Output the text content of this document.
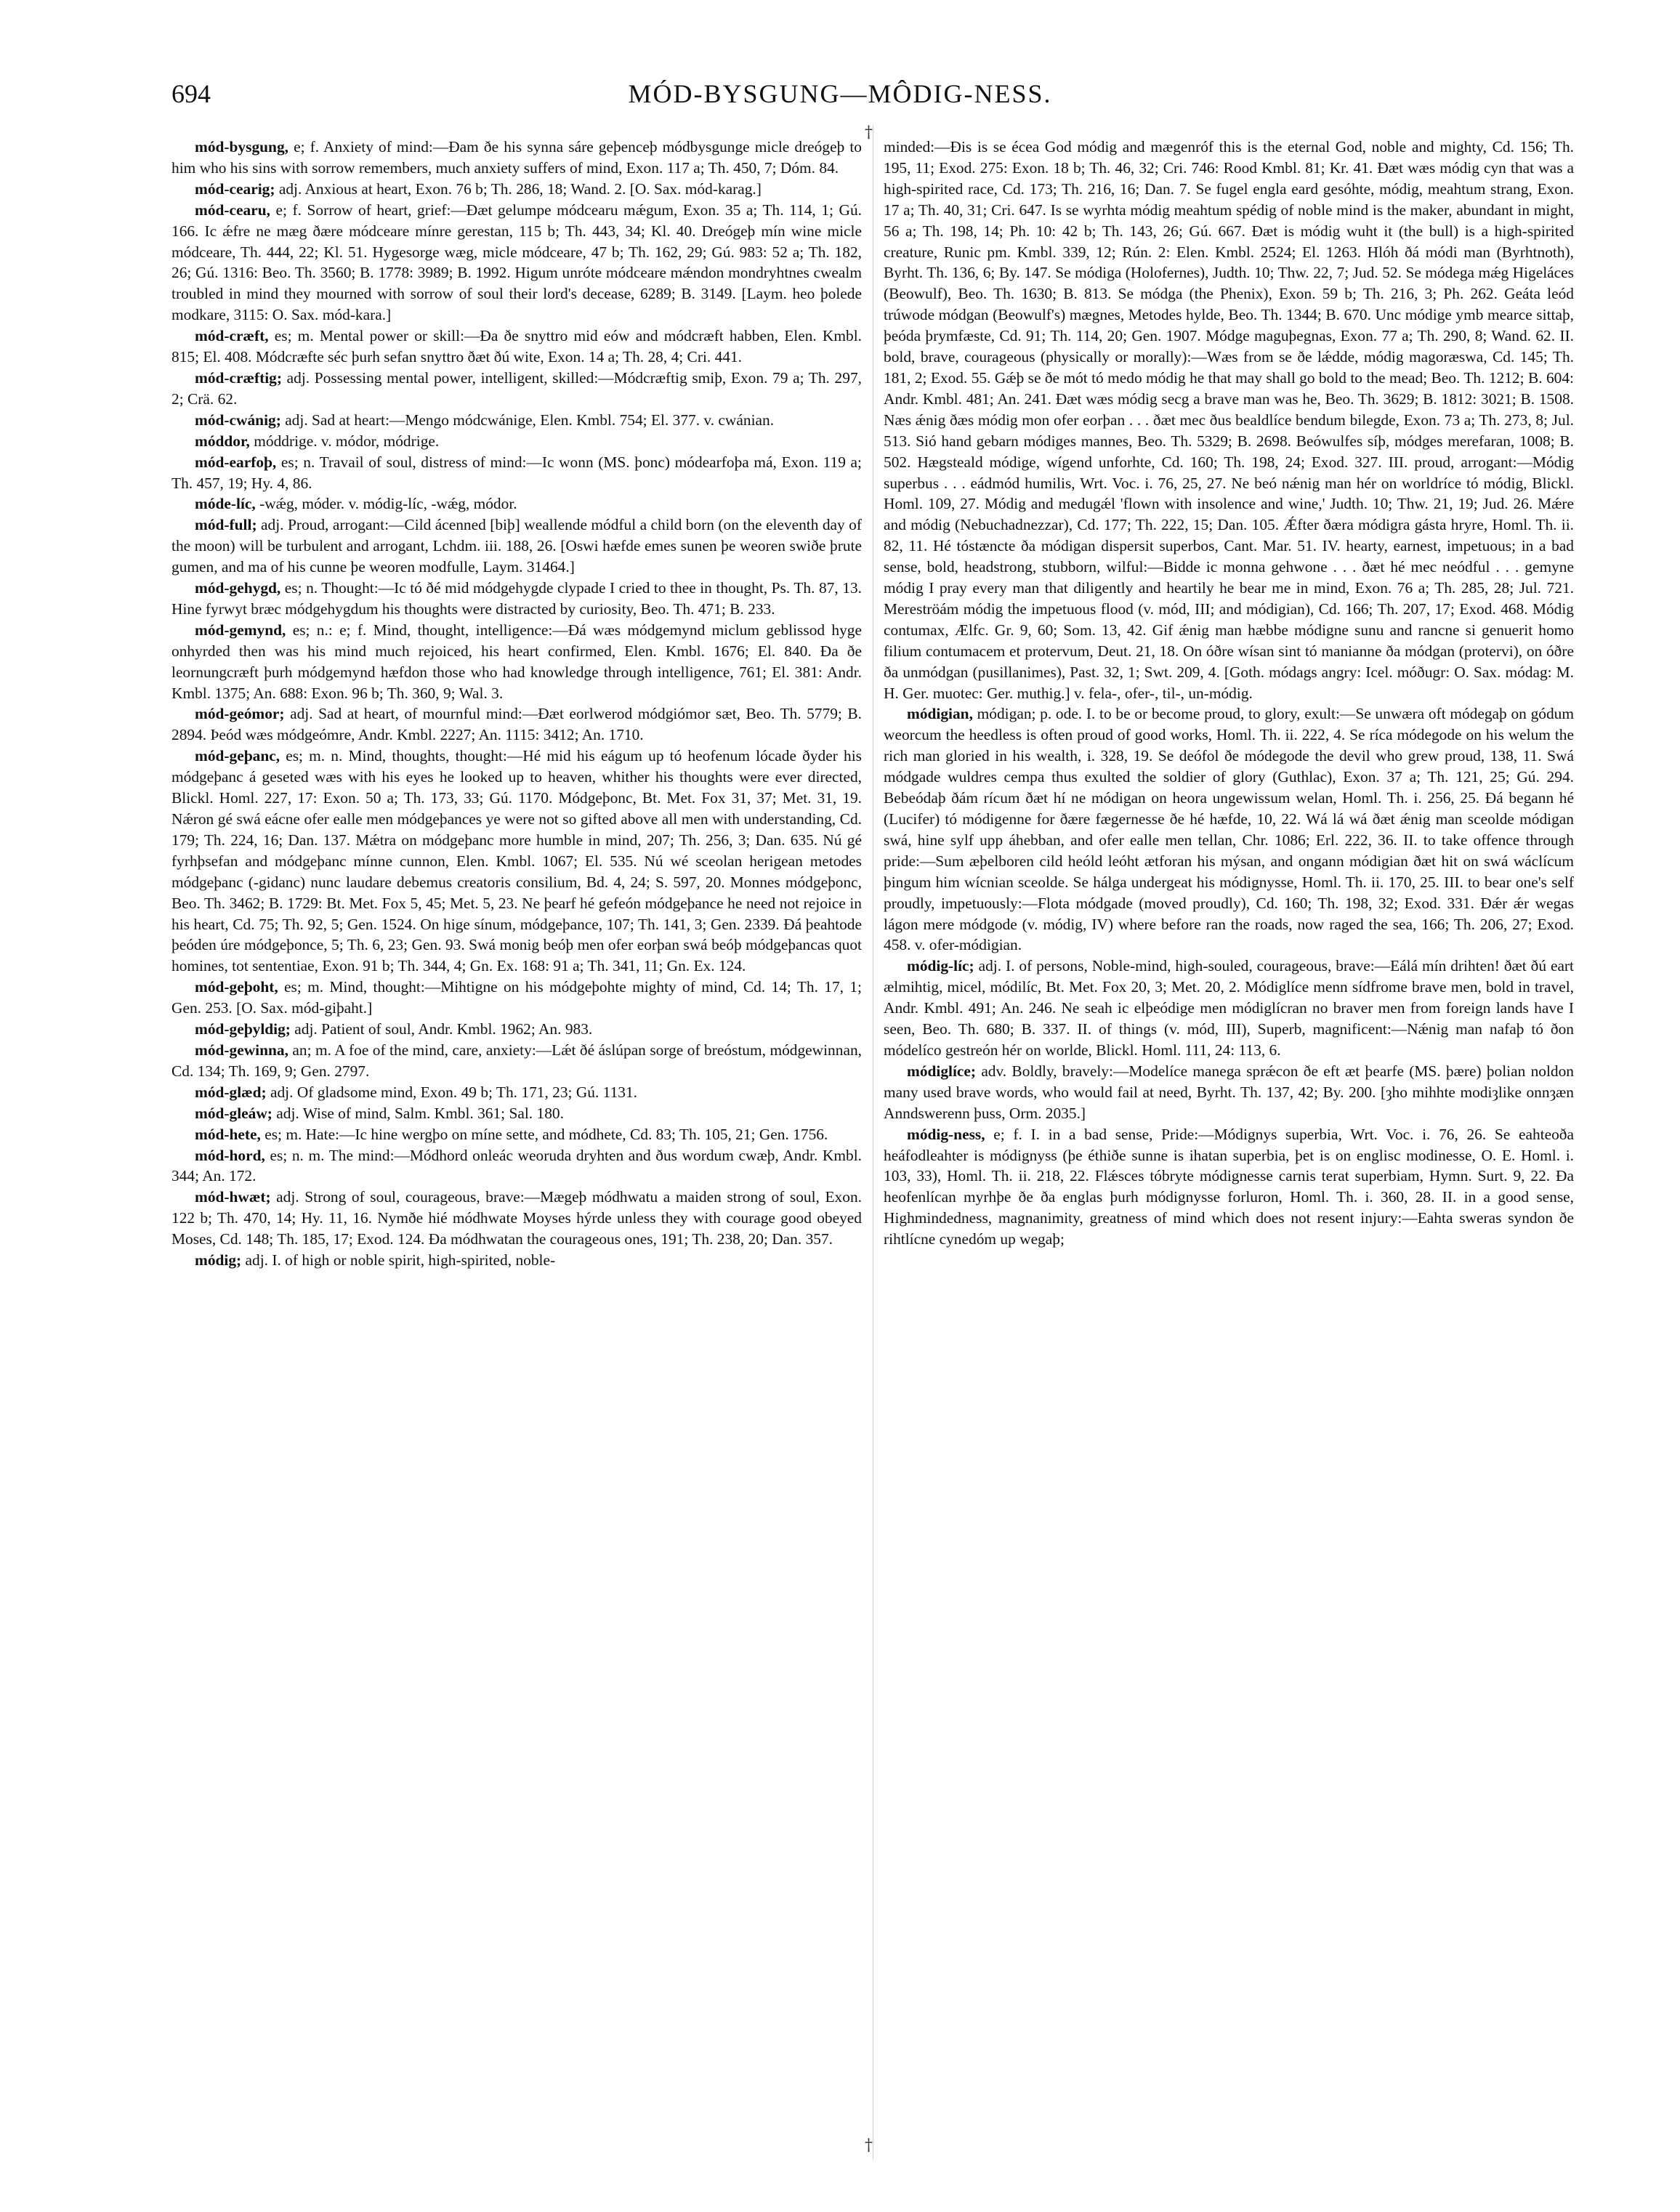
694	MÓD-BYSGUNG—MÔDIG-NESS.
†
†

mód-bysgung, e; f. Anxiety of mind:—Ðam ðe his synna sáre geþenceþ módbysgunge micle dreógeþ to him who his sins with sorrow remembers, much anxiety suffers of mind, Exon. 117 a; Th. 450, 7; Dóm. 84.

mód-cearig; adj. Anxious at heart, Exon. 76 b; Th. 286, 18; Wand. 2. [O. Sax. mód-karag.]

mód-cearu, e; f. Sorrow of heart, grief:—Ðæt gelumpe módcearu mǽgum, Exon. 35 a; Th. 114, 1; Gú. 166. Ic ǽfre ne mæg ðære módceare mínre gerestan, 115 b; Th. 443, 34; Kl. 40. Dreógeþ mín wine micle módceare, Th. 444, 22; Kl. 51. Hygesorge wæg, micle módceare, 47 b; Th. 162, 29; Gú. 983: 52 a; Th. 182, 26; Gú. 1316: Beo. Th. 3560; B. 1778: 3989; B. 1992. Higum unróte módceare mǽndon mondryhtnes cwealm troubled in mind they mourned with sorrow of soul their lord's decease, 6289; B. 3149. [Laym. heo þolede modkare, 3115: O. Sax. mód-kara.]

mód-cræft, es; m. Mental power or skill:—Ða ðe snyttro mid eów and módcræft habben, Elen. Kmbl. 815; El. 408. Módcræfte séc þurh sefan snyttro ðæt ðú wite, Exon. 14 a; Th. 28, 4; Cri. 441.

mód-cræftig; adj. Possessing mental power, intelligent, skilled:—Módcræftig smiþ, Exon. 79 a; Th. 297, 2; Crä. 62.

mód-cwánig; adj. Sad at heart:—Mengo módcwánige, Elen. Kmbl. 754; El. 377. v. cwánian.

móddor, móddrige. v. módor, módrige.

mód-earfoþ, es; n. Travail of soul, distress of mind:—Ic wonn (MS. þonc) módearfoþa má, Exon. 119 a; Th. 457, 19; Hy. 4, 86.

móde-líc, -wǽg, móder. v. módig-líc, -wǽg, módor.

mód-full; adj. Proud, arrogant:—Cild ácenned [biþ] weallende módful a child born (on the eleventh day of the moon) will be turbulent and arrogant, Lchdm. iii. 188, 26. [Oswi hæfde emes sunen þe weoren swiðe þrute gumen, and ma of his cunne þe weoren modfulle, Laym. 31464.]

mód-gehygd, es; n. Thought:—Ic tó ðé mid módgehygde clypade I cried to thee in thought, Ps. Th. 87, 13. Hine fyrwyt bræc módgehygdum his thoughts were distracted by curiosity, Beo. Th. 471; B. 233.

mód-gemynd, es; n.: e; f. Mind, thought, intelligence:—Ðá wæs módgemynd miclum geblissod hyge onhyrded then was his mind much rejoiced, his heart confirmed, Elen. Kmbl. 1676; El. 840. Ða ðe leornungcræft þurh módgemynd hæfdon those who had knowledge through intelligence, 761; El. 381: Andr. Kmbl. 1375; An. 688: Exon. 96 b; Th. 360, 9; Wal. 3.

mód-geómor; adj. Sad at heart, of mournful mind:—Ðæt eorlwerod módgiómor sæt, Beo. Th. 5779; B. 2894. Þeód wæs módgeómre, Andr. Kmbl. 2227; An. 1115: 3412; An. 1710.

mód-geþanc, es; m. n. Mind, thoughts, thought:—Hé mid his eágum up tó heofenum lócade ðyder his módgeþanc á geseted wæs with his eyes he looked up to heaven, whither his thoughts were ever directed, Blickl. Homl. 227, 17: Exon. 50 a; Th. 173, 33; Gú. 1170. Módgeþonc, Bt. Met. Fox 31, 37; Met. 31, 19. Nǽron gé swá eácne ofer ealle men módgeþances ye were not so gifted above all men with understanding, Cd. 179; Th. 224, 16; Dan. 137. Mǽtra on módgeþanc more humble in mind, 207; Th. 256, 3; Dan. 635. Nú gé fyrhþsefan and módgeþanc mínne cunnon, Elen. Kmbl. 1067; El. 535. Nú wé sceolan herigean metodes módgeþanc (-gidanc) nunc laudare debemus creatoris consilium, Bd. 4, 24; S. 597, 20. Monnes módgeþonc, Beo. Th. 3462; B. 1729: Bt. Met. Fox 5, 45; Met. 5, 23. Ne þearf hé gefeón módgeþance he need not rejoice in his heart, Cd. 75; Th. 92, 5; Gen. 1524. On hige sínum, módgeþance, 107; Th. 141, 3; Gen. 2339. Ðá þeahtode þeóden úre módgeþonce, 5; Th. 6, 23; Gen. 93. Swá monig beóþ men ofer eorþan swá beóþ módgeþancas quot homines, tot sententiae, Exon. 91 b; Th. 344, 4; Gn. Ex. 168: 91 a; Th. 341, 11; Gn. Ex. 124.

mód-geþoht, es; m. Mind, thought:—Mihtigne on his módgeþohte mighty of mind, Cd. 14; Th. 17, 1; Gen. 253. [O. Sax. mód-giþaht.]

mód-geþyldig; adj. Patient of soul, Andr. Kmbl. 1962; An. 983.

mód-gewinna, an; m. A foe of the mind, care, anxiety:—Lǽt ðé áslúpan sorge of breóstum, módgewinnan, Cd. 134; Th. 169, 9; Gen. 2797.

mód-glæd; adj. Of gladsome mind, Exon. 49 b; Th. 171, 23; Gú. 1131.

mód-gleáw; adj. Wise of mind, Salm. Kmbl. 361; Sal. 180.

mód-hete, es; m. Hate:—Ic hine wergþo on míne sette, and módhete, Cd. 83; Th. 105, 21; Gen. 1756.

mód-hord, es; n. m. The mind:—Módhord onleác weoruda dryhten and ðus wordum cwæþ, Andr. Kmbl. 344; An. 172.

mód-hwæt; adj. Strong of soul, courageous, brave:—Mægeþ módhwatu a maiden strong of soul, Exon. 122 b; Th. 470, 14; Hy. 11, 16. Nymðe hié módhwate Moyses hýrde unless they with courage good obeyed Moses, Cd. 148; Th. 185, 17; Exod. 124. Ða módhwatan the courageous ones, 191; Th. 238, 20; Dan. 357.

módig; adj. I. of high or noble spirit, high-spirited, noble-

minded:—Ðis is se écea God módig and mægenróf this is the eternal God, noble and mighty, Cd. 156; Th. 195, 11; Exod. 275: Exon. 18 b; Th. 46, 32; Cri. 746: Rood Kmbl. 81; Kr. 41. Ðæt wæs módig cyn that was a high-spirited race, Cd. 173; Th. 216, 16; Dan. 7. Se fugel engla eard gesóhte, módig, meahtum strang, Exon. 17 a; Th. 40, 31; Cri. 647. Is se wyrhta módig meahtum spédig of noble mind is the maker, abundant in might, 56 a; Th. 198, 14; Ph. 10: 42 b; Th. 143, 26; Gú. 667. Ðæt is módig wuht it (the bull) is a high-spirited creature, Runic pm. Kmbl. 339, 12; Rún. 2: Elen. Kmbl. 2524; El. 1263. Hlóh ðá módi man (Byrhtnoth), Byrht. Th. 136, 6; By. 147. Se módiga (Holofernes), Judth. 10; Thw. 22, 7; Jud. 52. Se módega mǽg Higeláces (Beowulf), Beo. Th. 1630; B. 813. Se módga (the Phenix), Exon. 59 b; Th. 216, 3; Ph. 262. Geáta leód trúwode módgan (Beowulf's) mægnes, Metodes hylde, Beo. Th. 1344; B. 670. Unc módige ymb mearce sittaþ, þeóda þrymfæste, Cd. 91; Th. 114, 20; Gen. 1907. Módge maguþegnas, Exon. 77 a; Th. 290, 8; Wand. 62. II. bold, brave, courageous (physically or morally):—Wæs from se ðe lǽdde, módig magoræswa, Cd. 145; Th. 181, 2; Exod. 55. Gǽþ se ðe mót tó medo módig he that may shall go bold to the mead; Beo. Th. 1212; B. 604: Andr. Kmbl. 481; An. 241. Ðæt wæs módig secg a brave man was he, Beo. Th. 3629; B. 1812: 3021; B. 1508. Næs ǽnig ðæs módig mon ofer eorþan . . . ðæt mec ðus bealdlíce bendum bilegde, Exon. 73 a; Th. 273, 8; Jul. 513. Sió hand gebarn módiges mannes, Beo. Th. 5329; B. 2698. Beówulfes síþ, módges merefaran, 1008; B. 502. Hægsteald módige, wígend unforhte, Cd. 160; Th. 198, 24; Exod. 327. III. proud, arrogant:—Módig superbus . . . eádmód humilis, Wrt. Voc. i. 76, 25, 27. Ne beó nǽnig man hér on worldríce tó módig, Blickl. Homl. 109, 27. Módig and medugǽl 'flown with insolence and wine,' Judth. 10; Thw. 21, 19; Jud. 26. Mǽre and módig (Nebuchadnezzar), Cd. 177; Th. 222, 15; Dan. 105. Ǽfter ðæra módigra gásta hryre, Homl. Th. ii. 82, 11. Hé tóstæncte ða módigan dispersit superbos, Cant. Mar. 51. IV. hearty, earnest, impetuous; in a bad sense, bold, headstrong, stubborn, wilful:—Bidde ic monna gehwone . . . ðæt hé mec neódful . . . gemyne módig I pray every man that diligently and heartily he bear me in mind, Exon. 76 a; Th. 285, 28; Jul. 721. Mereströám módig the impetuous flood (v. mód, III; and módigian), Cd. 166; Th. 207, 17; Exod. 468. Módig contumax, Ælfc. Gr. 9, 60; Som. 13, 42. Gif ǽnig man hæbbe módigne sunu and rancne si genuerit homo filium contumacem et protervum, Deut. 21, 18. On óðre wísan sint tó manianne ða módgan (protervi), on óðre ða unmódgan (pusillanimes), Past. 32, 1; Swt. 209, 4. [Goth. módags angry: Icel. móðugr: O. Sax. módag: M. H. Ger. muotec: Ger. muthig.] v. fela-, ofer-, til-, un-módig.

módigian, módigan; p. ode. I. to be or become proud, to glory, exult:—Se unwæra oft módegaþ on gódum weorcum the heedless is often proud of good works, Homl. Th. ii. 222, 4. Se ríca módegode on his welum the rich man gloried in his wealth, i. 328, 19. Se deófol ðe módegode the devil who grew proud, 138, 11. Swá módgade wuldres cempa thus exulted the soldier of glory (Guthlac), Exon. 37 a; Th. 121, 25; Gú. 294. Bebeódaþ ðám rícum ðæt hí ne módigan on heora ungewissum welan, Homl. Th. i. 256, 25. Ðá begann hé (Lucifer) tó módigenne for ðære fægernesse ðe hé hæfde, 10, 22. Wá lá wá ðæt ǽnig man sceolde módigan swá, hine sylf upp áhebban, and ofer ealle men tellan, Chr. 1086; Erl. 222, 36. II. to take offence through pride:—Sum æþelboren cild heóld leóht ætforan his mýsan, and ongann módigian ðæt hit on swá wáclícum þingum him wícnian sceolde. Se hálga undergeat his módignysse, Homl. Th. ii. 170, 25. III. to bear one's self proudly, impetuously:—Flota módgade (moved proudly), Cd. 160; Th. 198, 32; Exod. 331. Ðǽr ǽr wegas lágon mere módgode (v. módig, IV) where before ran the roads, now raged the sea, 166; Th. 206, 27; Exod. 458. v. ofer-módigian.

módig-líc; adj. I. of persons, Noble-mind, high-souled, courageous, brave:—Eálá mín drihten! ðæt ðú eart ælmihtig, micel, módilíc, Bt. Met. Fox 20, 3; Met. 20, 2. Módiglíce menn sídfrome brave men, bold in travel, Andr. Kmbl. 491; An. 246. Ne seah ic elþeódige men módiglícran no braver men from foreign lands have I seen, Beo. Th. 680; B. 337. II. of things (v. mód, III), Superb, magnificent:—Nǽnig man nafaþ tó ðon módelíco gestreón hér on worlde, Blickl. Homl. 111, 24: 113, 6.

módiglíce; adv. Boldly, bravely:—Modelíce manega sprǽcon ðe eft æt þearfe (MS. þære) þolian noldon many used brave words, who would fail at need, Byrht. Th. 137, 42; By. 200. [ȝho mihhte modiȝlike onnȝæn Anndswerenn þuss, Orm. 2035.]

módig-ness, e; f. I. in a bad sense, Pride:—Módignys superbia, Wrt. Voc. i. 76, 26. Se eahteoða heáfodleahter is módignyss (þe éthiðe sunne is ihatan superbia, þet is on englisc modinesse, O. E. Homl. i. 103, 33), Homl. Th. ii. 218, 22. Flǽsces tóbryte módignesse carnis terat superbiam, Hymn. Surt. 9, 22. Ða heofenlícan myrhþe ðe ða englas þurh módignysse forluron, Homl. Th. i. 360, 28. II. in a good sense, Highmindedness, magnanimity, greatness of mind which does not resent injury:—Eahta sweras syndon ðe rihtlícne cynedóm up wegaþ;
